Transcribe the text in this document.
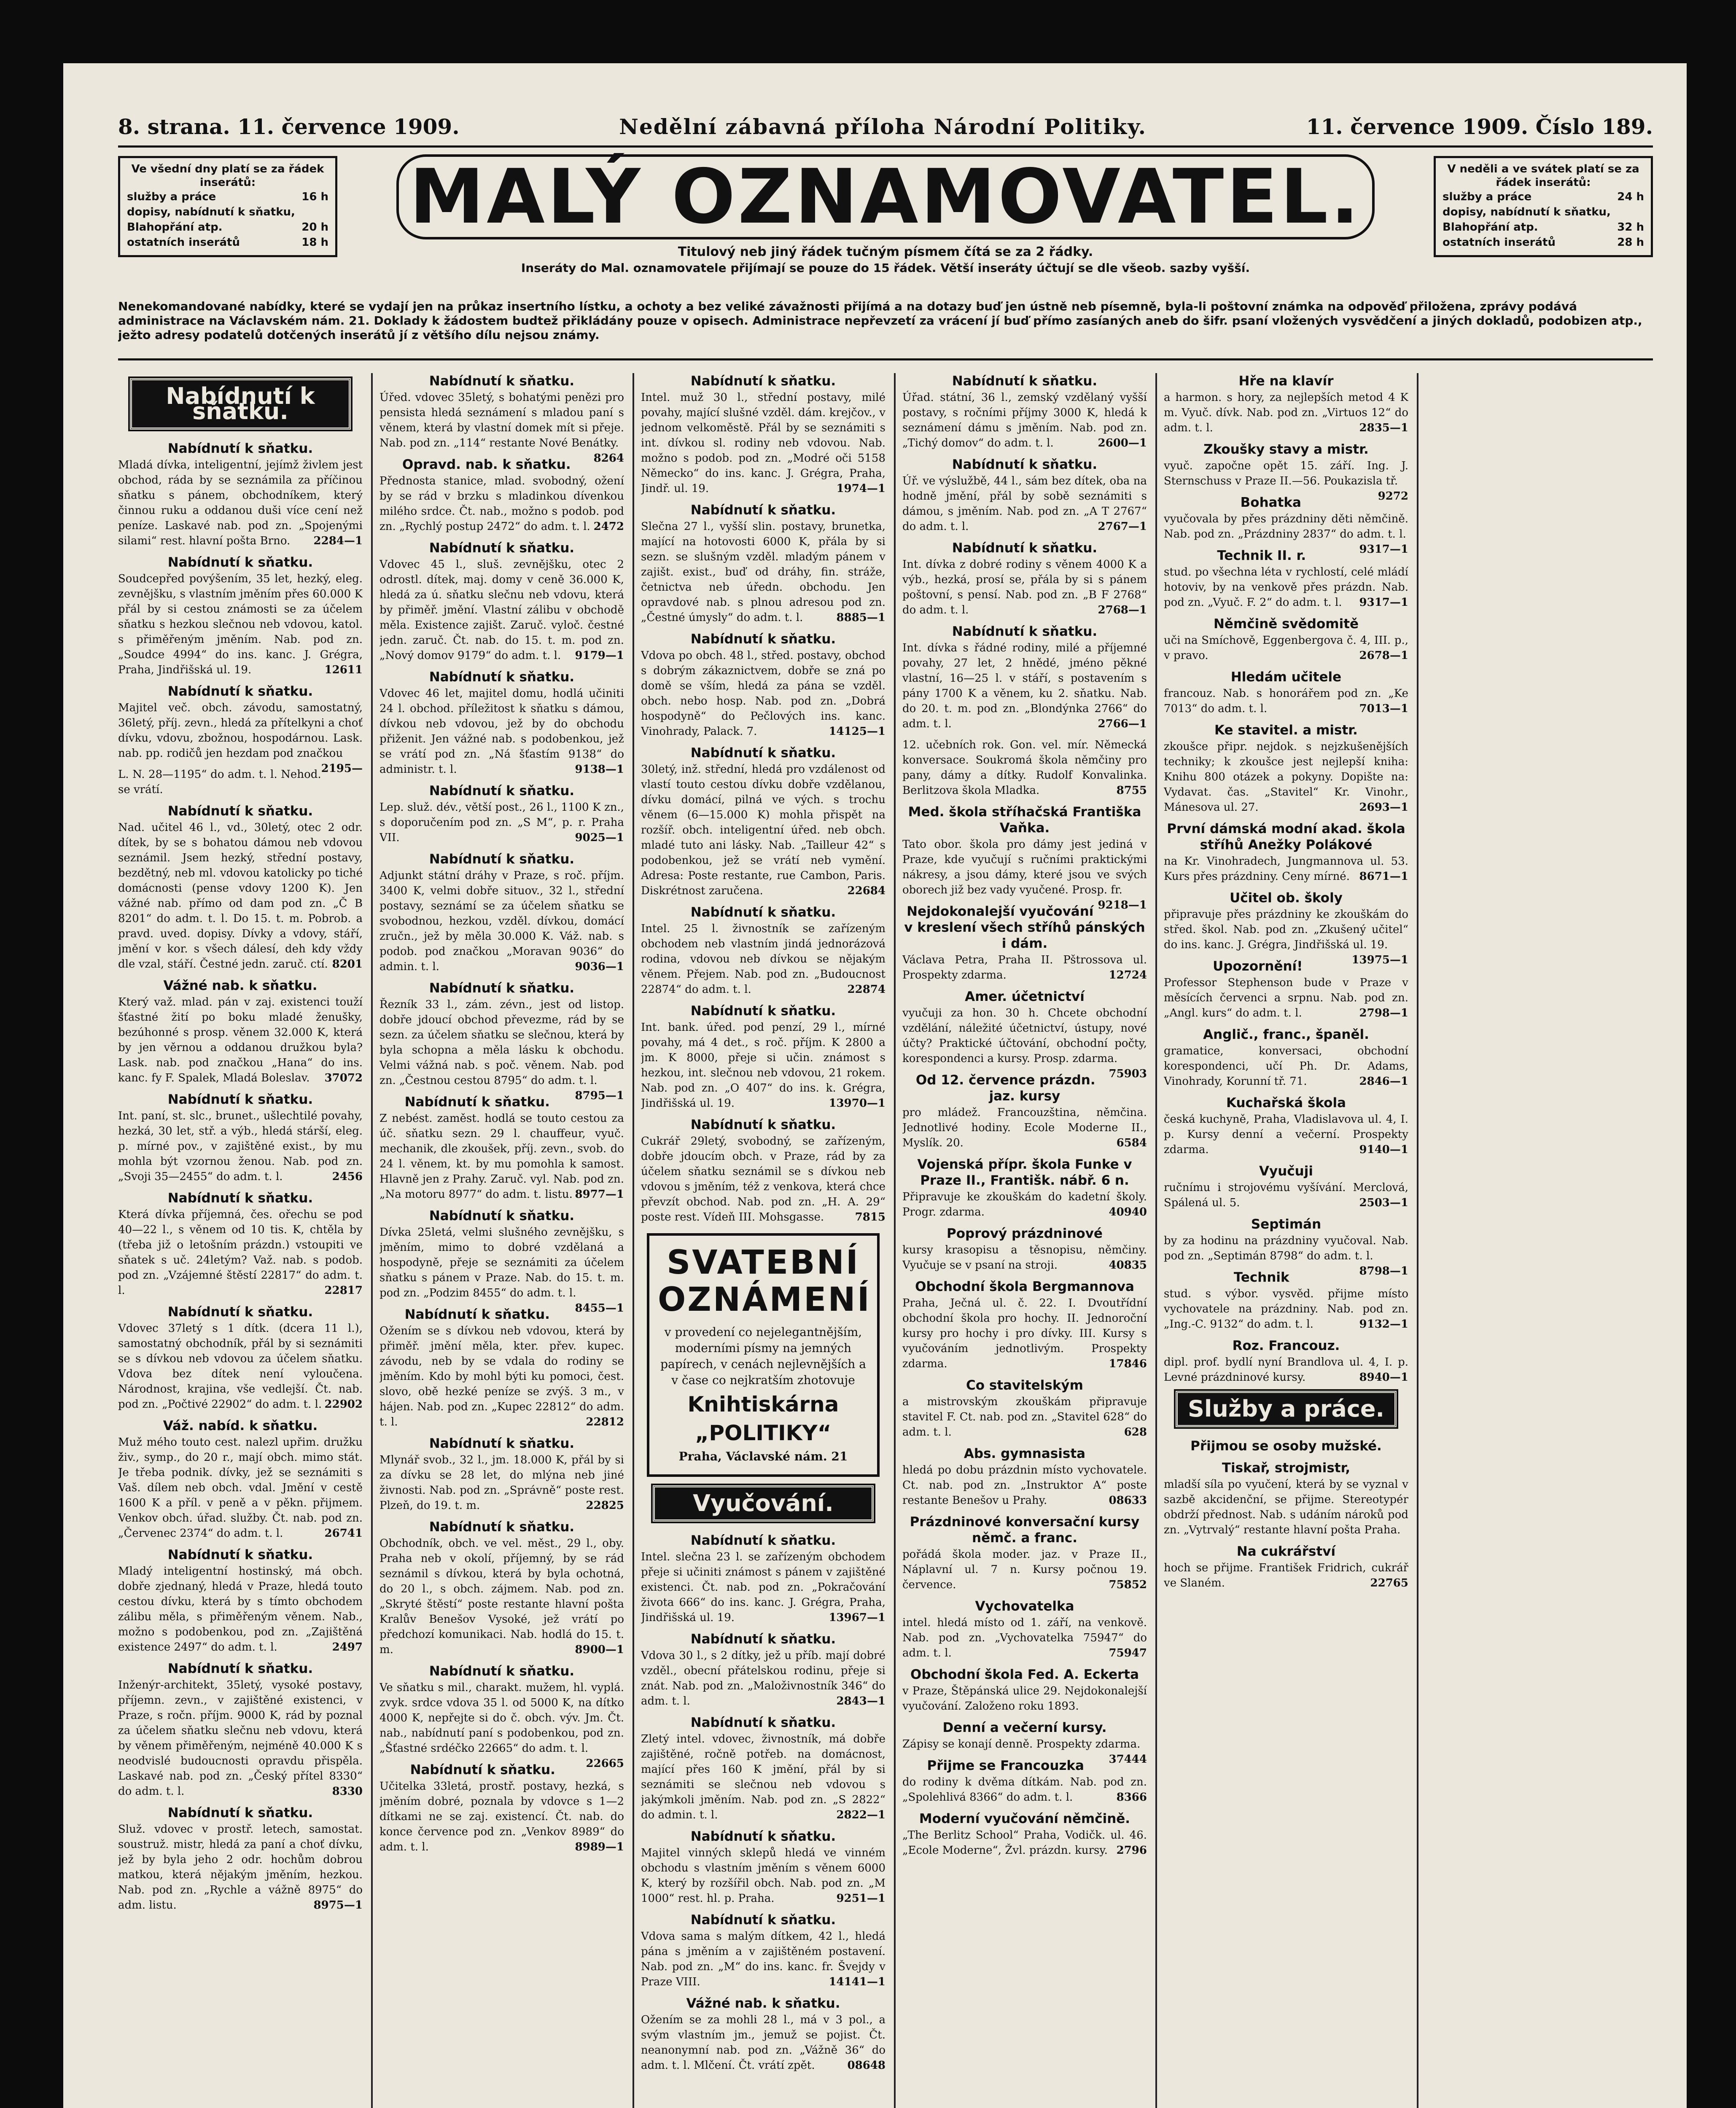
8. strana. 11. července 1909.	Nedělní zábavná příloha Národní Politiky.	11. července 1909. Číslo 189.
Ve všední dny platí se za řádek inserátů:
služby a práce	16 h
dopisy, nabídnutí k sňatku,
Blahopřání atp.	20 h
ostatních inserátů	18 h
MALÝ OZNAMOVATEL.
Titulový neb jiný řádek tučným písmem čítá se za 2 řádky.
Inseráty do Mal. oznamovatele přijímají se pouze do 15 řádek. Větší inseráty účtují se dle všeob. sazby vyšší.
V neděli a ve svátek platí se za řádek inserátů:
služby a práce	24 h
dopisy, nabídnutí k sňatku,
Blahopřání atp.	32 h
ostatních inserátů	28 h
Nenekomandované nabídky, které se vydají jen na průkaz insertního lístku, a ochoty a bez veliké závažnosti přijímá a na dotazy buď jen ústně neb písemně, byla-li poštovní známka na odpověď přiložena, zprávy podává administrace na Václavském nám. 21. Doklady k žádostem budtež přikládány pouze v opisech. Administrace nepřevzetí za vrácení jí buď přímo zasíaných aneb do šifr. psaní vložených vysvědčení a jiných dokladů, podobizen atp., ježto adresy podatelů dotčených inserátů jí z většího dílu nejsou známy.
Nabídnutí k sňatku.
Nabídnutí k sňatku.
Mladá dívka, inteligentní, jejímž živlem jest obchod, ráda by se seznámila za příčinou sňatku s pánem, obchodníkem, který činnou ruku a oddanou duši více cení než peníze. Laskavé nab. pod zn. „Spojenými silami“ rest. hlavní pošta Brno. 2284—1
Nabídnutí k sňatku.
Soudcepřed povýšením, 35 let, hezký, eleg. zevnějšku, s vlastním jměním přes 60.000 K přál by si cestou známosti se za účelem sňatku s hezkou slečnou neb vdovou, katol. s přiměřeným jměním. Nab. pod zn. „Soudce 4994“ do ins. kanc. J. Grégra, Praha, Jindřišská ul. 19.	12611
Nabídnutí k sňatku.
Majitel več. obch. závodu, samostatný, 36letý, příj. zevn., hledá za přítelkyni a choť dívku, vdovu, zbožnou, hospodárnou. Lask. nab. pp. rodičů jen hezdam pod značkou
2195—
L. N. 28—1195“ do adm. t. l. Nehod. se vrátí.
Nabídnutí k sňatku.
Nad. učitel 46 l., vd., 30letý, otec 2 odr. dítek, by se s bohatou dámou neb vdovou seznámil. Jsem hezký, střední postavy, bezdětný, neb ml. vdovou katolicky po tiché domácnosti (pense vdovy 1200 K). Jen vážné nab. přímo od dam pod zn. „Č B 8201“ do adm. t. l. Do 15. t. m. Pobrob. a pravd. uved. dopisy. Dívky a vdovy, stáří, jmění v kor. s všech dálesí, deh kdy vždy dle vzal, stáří. Čestné jedn. zaruč. ctí. 8201
Vážné nab. k sňatku.
Který važ. mlad. pán v zaj. existenci touží šťastné žití po boku mladé ženušky, bezúhonné s prosp. věnem 32.000 K, která by jen věrnou a oddanou družkou byla? Lask. nab. pod značkou „Hana“ do ins. kanc. fy F. Spalek, Mladá Boleslav. 37072
Nabídnutí k sňatku.
Int. paní, st. slc., brunet., ušlechtilé povahy, hezká, 30 let, stř. a výb., hledá stárší, eleg. p. mírné pov., v zajištěné exist., by mu mohla být vzornou ženou. Nab. pod zn. „Svoji 35—2455“ do adm. t. l.	2456
Nabídnutí k sňatku.
Která dívka příjemná, čes. ořechu se pod 40—22 l., s věnem od 10 tis. K, chtěla by (třeba již o letošním prázdn.) vstoupiti ve sňatek s uč. 24letým? Važ. nab. s podob. pod zn. „Vzájemné štěstí 22817“ do adm. t. l.	22817
Nabídnutí k sňatku.
Vdovec 37letý s 1 dítk. (dcera 11 l.), samostatný obchodník, přál by si seznámiti se s dívkou neb vdovou za účelem sňatku. Vdova bez dítek není vyloučena. Národnost, krajina, vše vedlejší. Čt. nab. pod zn. „Počtivé 22902“ do adm. t. l. 22902
Váž. nabíd. k sňatku.
Muž mého touto cest. nalezl upřim. družku živ., symp., do 20 r., mají obch. mimo stát. Je třeba podnik. dívky, jež se seznámiti s Vaš. dílem neb obch. vdal. Jmění v cestě 1600 K a příl. v peně a v pěkn. přijmem. Venkov obch. úřad. služby. Čt. nab. pod zn. „Červenec 2374“ do adm. t. l.	26741
Nabídnutí k sňatku.
Mladý inteligentní hostinský, má obch. dobře zjednaný, hledá v Praze, hledá touto cestou dívku, která by s tímto obchodem zálibu měla, s přiměřeným věnem. Nab., možno s podobenkou, pod zn. „Zajištěná existence 2497“ do adm. t. l.	2497
Nabídnutí k sňatku.
Inženýr-architekt, 35letý, vysoké postavy, příjemn. zevn., v zajištěné existenci, v Praze, s ročn. příjm. 9000 K, rád by poznal za účelem sňatku slečnu neb vdovu, která by věnem přiměřeným, nejméně 40.000 K s neodvislé budoucnosti opravdu přispěla. Laskavé nab. pod zn. „Český přítel 8330“ do adm. t. l.	8330
Nabídnutí k sňatku.
Služ. vdovec v prostř. letech, samostat. soustruž. mistr, hledá za paní a choť dívku, jež by byla jeho 2 odr. hochům dobrou matkou, která nějakým jměním, hezkou. Nab. pod zn. „Rychle a vážně 8975“ do adm. listu.	8975—1
Nabídnutí k sňatku.
Úřed. vdovec 35letý, s bohatými penězi pro pensista hledá seznámení s mladou paní s věnem, která by vlastní domek mít si přeje. Nab. pod zn. „114“ restante Nové Benátky.
8264
Opravd. nab. k sňatku.
Přednosta stanice, mlad. svobodný, ožení by se rád v brzku s mladinkou dívenkou milého srdce. Čt. nab., možno s podob. pod zn. „Rychlý postup 2472“ do adm. t. l. 2472
Nabídnutí k sňatku.
Vdovec 45 l., sluš. zevnějšku, otec 2 odrostl. dítek, maj. domy v ceně 36.000 K, hledá za ú. sňatku slečnu neb vdovu, která by přiměř. jmění. Vlastní zálibu v obchodě měla. Existence zajišt. Zaruč. vyloč. čestné jedn. zaruč. Čt. nab. do 15. t. m. pod zn. „Nový domov 9179“ do adm. t. l. 9179—1
Nabídnutí k sňatku.
Vdovec 46 let, majitel domu, hodlá učiniti 24 l. obchod. příležitost k sňatku s dámou, dívkou neb vdovou, jež by do obchodu přiženit. Jen vážné nab. s podobenkou, jež se vrátí pod zn. „Ná šťastím 9138“ do administr. t. l.	9138—1
Nabídnutí k sňatku.
Lep. služ. dév., větší post., 26 l., 1100 K zn., s doporučením pod zn. „S M“, p. r. Praha VII.	9025—1
Nabídnutí k sňatku.
Adjunkt státní dráhy v Praze, s roč. příjm. 3400 K, velmi dobře situov., 32 l., střední postavy, seznámí se za účelem sňatku se svobodnou, hezkou, vzděl. dívkou, domácí zručn., jež by měla 30.000 K. Váž. nab. s podob. pod značkou „Moravan 9036“ do admin. t. l.	9036—1
Nabídnutí k sňatku.
Řezník 33 l., zám. zévn., jest od listop. dobře jdoucí obchod převezme, rád by se sezn. za účelem sňatku se slečnou, která by byla schopna a měla lásku k obchodu. Velmi vážná nab. s poč. věnem. Nab. pod zn. „Čestnou cestou 8795“ do adm. t. l.
8795—1
Nabídnutí k sňatku.
Z nebést. zaměst. hodlá se touto cestou za úč. sňatku sezn. 29 l. chauffeur, vyuč. mechanik, dle zkoušek, příj. zevn., svob. do 24 l. věnem, kt. by mu pomohla k samost. Hlavně jen z Prahy. Zaruč. vyl. Nab. pod zn. „Na motoru 8977“ do adm. t. listu. 8977—1
Nabídnutí k sňatku.
Dívka 25letá, velmi slušného zevnějšku, s jměním, mimo to dobré vzdělaná a hospodyně, přeje se seznámiti za účelem sňatku s pánem v Praze. Nab. do 15. t. m. pod zn. „Podzim 8455“ do adm. t. l.
8455—1
Nabídnutí k sňatku.
Ožením se s dívkou neb vdovou, která by přiměř. jmění měla, kter. přev. kupec. závodu, neb by se vdala do rodiny se jměním. Kdo by mohl býti ku pomoci, čest. slovo, obě hezké peníze se zvýš. 3 m., v hájen. Nab. pod zn. „Kupec 22812“ do adm. t. l.	22812
Nabídnutí k sňatku.
Mlynář svob., 32 l., jm. 18.000 K, přál by si za dívku se 28 let, do mlýna neb jiné živnosti. Nab. pod zn. „Správně“ poste rest. Plzeň, do 19. t. m.	22825
Nabídnutí k sňatku.
Obchodník, obch. ve vel. měst., 29 l., oby. Praha neb v okolí, příjemný, by se rád seznámil s dívkou, která by byla ochotná, do 20 l., s obch. zájmem. Nab. pod zn. „Skryté štěstí“ poste restante hlavní pošta Kralův Benešov Vysoké, jež vrátí po předchozí komunikaci. Nab. hodlá do 15. t. m.	8900—1
Nabídnutí k sňatku.
Ve sňatku s mil., charakt. mužem, hl. vyplá. zvyk. srdce vdova 35 l. od 5000 K, na dítko 4000 K, nepřejte si do č. obch. výv. Jm. Čt. nab., nabídnutí paní s podobenkou, pod zn. „Šťastné srdéčko 22665“ do adm. t. l.
22665
Nabídnutí k sňatku.
Učitelka 33letá, prostř. postavy, hezká, s jměním dobré, poznala by vdovce s 1—2 dítkami ne se zaj. existencí. Čt. nab. do konce července pod zn. „Venkov 8989“ do adm. t. l.	8989—1
Nabídnutí k sňatku.
Intel. muž 30 l., střední postavy, milé povahy, mající slušné vzděl. dám. krejčov., v jednom velkoměstě. Přál by se seznámiti s int. dívkou sl. rodiny neb vdovou. Nab. možno s podob. pod zn. „Modré oči 5158 Německo“ do ins. kanc. J. Grégra, Praha, Jindř. ul. 19.	1974—1
Nabídnutí k sňatku.
Slečna 27 l., vyšší slin. postavy, brunetka, mající na hotovosti 6000 K, přála by si sezn. se slušným vzděl. mladým pánem v zajišt. exist., buď od dráhy, fin. stráže, četnictva neb úředn. obchodu. Jen opravdové nab. s plnou adresou pod zn. „Čestné úmysly“ do adm. t. l.	8885—1
Nabídnutí k sňatku.
Vdova po obch. 48 l., střed. postavy, obchod s dobrým zákaznictvem, dobře se zná po domě se vším, hledá za pána se vzděl. obch. nebo hosp. Nab. pod zn. „Dobrá hospodyně“ do Pečlových ins. kanc. Vinohrady, Palack. 7.	14125—1
Nabídnutí k sňatku.
30letý, inž. střední, hledá pro vzdálenost od vlastí touto cestou dívku dobře vzdělanou, dívku domácí, pilná ve vých. s trochu věnem (6—15.000 K) mohla přispět na rozšíř. obch. inteligentní úřed. neb obch. mladé tuto ani lásky. Nab. „Tailleur 42“ s podobenkou, jež se vrátí neb vymění. Adresa: Poste restante, rue Cambon, Paris. Diskrétnost zaručena.	22684
Nabídnutí k sňatku.
Intel. 25 l. živnostník se zařízeným obchodem neb vlastním jindá jednorázová rodina, vdovou neb dívkou se nějakým věnem. Přejem. Nab. pod zn. „Budoucnost 22874“ do adm. t. l.	22874
Nabídnutí k sňatku.
Int. bank. úřed. pod penzí, 29 l., mírné povahy, má 4 det., s roč. příjm. K 2800 a jm. K 8000, přeje si učin. známost s hezkou, int. slečnou neb vdovou, 21 rokem. Nab. pod zn. „O 407“ do ins. k. Grégra, Jindřišská ul. 19.	13970—1
Nabídnutí k sňatku.
Cukrář 29letý, svobodný, se zařízeným, dobře jdoucím obch. v Praze, rád by za účelem sňatku seznámil se s dívkou neb vdovou s jměním, též z venkova, která chce převzít obchod. Nab. pod zn. „H. A. 29“ poste rest. Vídeň III. Mohsgasse.	7815
SVATEBNÍ
OZNÁMENÍ
v provedení co nejelegantnějším, moderními písmy na jemných papírech, v cenách nejlevnějších a v čase co nejkratším zhotovuje
Knihtiskárna
„POLITIKY“
Praha, Václavské nám. 21
Vyučování.
Nabídnutí k sňatku.
Intel. slečna 23 l. se zařízeným obchodem přeje si učiniti známost s pánem v zajištěné existenci. Čt. nab. pod zn. „Pokračování života 666“ do ins. kanc. J. Grégra, Praha, Jindřišská ul. 19.	13967—1
Nabídnutí k sňatku.
Vdova 30 l., s 2 dítky, jež u příb. mají dobré vzděl., obecní přátelskou rodinu, přeje si znát. Nab. pod zn. „Maloživnostník 346“ do adm. t. l.	2843—1
Nabídnutí k sňatku.
Zletý intel. vdovec, živnostník, má dobře zajištěné, ročně potřeb. na domácnost, mající přes 160 K jmění, přál by si seznámiti se slečnou neb vdovou s jakýmkoli jměním. Nab. pod zn. „S 2822“ do admin. t. l.	2822—1
Nabídnutí k sňatku.
Majitel vinných sklepů hledá ve vinném obchodu s vlastním jměním s věnem 6000 K, který by rozšířil obch. Nab. pod zn. „M 1000“ rest. hl. p. Praha.	9251—1
Nabídnutí k sňatku.
Vdova sama s malým dítkem, 42 l., hledá pána s jměním a v zajištěném postavení. Nab. pod zn. „M“ do ins. kanc. fr. Švejdy v Praze VIII.	14141—1
Vážné nab. k sňatku.
Ožením se za mohli 28 l., má v 3 pol., a svým vlastním jm., jemuž se pojist. Čt. neanonymní nab. pod zn. „Vážně 36“ do adm. t. l. Mlčení. Čt. vrátí zpět.	08648
Nabídnutí k sňatku.
Úřad. státní, 36 l., zemský vzdělaný vyšší postavy, s ročními příjmy 3000 K, hledá k seznámení dámu s jměním. Nab. pod zn. „Tichý domov“ do adm. t. l.	2600—1
Nabídnutí k sňatku.
Úř. ve výslužbě, 44 l., sám bez dítek, oba na hodně jmění, přál by sobě seznámiti s dámou, s jměním. Nab. pod zn. „A T 2767“ do adm. t. l.	2767—1
Nabídnutí k sňatku.
Int. dívka z dobré rodiny s věnem 4000 K a výb., hezká, prosí se, přála by si s pánem poštovní, s pensí. Nab. pod zn. „B F 2768“ do adm. t. l.	2768—1
Nabídnutí k sňatku.
Int. dívka s řádné rodiny, milé a příjemné povahy, 27 let, 2 hnědé, jméno pěkné vlastní, 16—25 l. v stáří, s postavením s pány 1700 K a věnem, ku 2. sňatku. Nab. do 20. t. m. pod zn. „Blondýnka 2766“ do adm. t. l.	2766—1
12. učebních rok. Gon. vel. mír. Německá konversace. Soukromá škola němčiny pro pany, dámy a dítky. Rudolf Konvalinka. Berlitzova škola Mladka.	8755
Med. škola stříhačská Františka Vaňka.
Tato obor. škola pro dámy jest jediná v Praze, kde vyučují s ručními praktickými nákresy, a jsou dámy, které jsou ve svých oborech již bez vady vyučené. Prosp. fr.
9218—1
Nejdokonalejší vyučování v kreslení všech stříhů pánských i dám.
Václava Petra, Praha II. Pštrossova ul. Prospekty zdarma.	12724
Amer. účetnictví
vyučuji za hon. 30 h. Chcete obchodní vzdělání, náležité účetnictví, ústupy, nové účty? Praktické účtování, obchodní počty, korespondenci a kursy. Prosp. zdarma.
75903
Od 12. července prázdn. jaz. kursy
pro mládež. Francouzština, němčina. Jednotlivé hodiny. Ecole Moderne II., Myslík. 20.	6584
Vojenská přípr. škola Funke v Praze II., Františk. nábř. 6 n.
Připravuje ke zkouškám do kadetní školy. Progr. zdarma.	40940
Poprový prázdninové
kursy krasopisu a těsnopisu, němčiny. Vyučuje se v psaní na stroji.	40835
Obchodní škola Bergmannova
Praha, Ječná ul. č. 22. I. Dvoutřídní obchodní škola pro hochy. II. Jednoroční kursy pro hochy i pro dívky. III. Kursy s vyučováním jednotlivým. Prospekty zdarma.	17846
Co stavitelským
a mistrovským zkouškám připravuje stavitel F. Ct. nab. pod zn. „Stavitel 628“ do adm. t. l.	628
Abs. gymnasista
hledá po dobu prázdnin místo vychovatele. Ct. nab. pod zn. „Instruktor A“ poste restante Benešov u Prahy.	08633
Prázdninové konversační kursy němč. a franc.
pořádá škola moder. jaz. v Praze II., Náplavní ul. 7 n. Kursy počnou 19. července.	75852
Vychovatelka
intel. hledá místo od 1. září, na venkově. Nab. pod zn. „Vychovatelka 75947“ do adm. t. l.	75947
Obchodní škola Fed. A. Eckerta
v Praze, Štěpánská ulice 29. Nejdokonalejší vyučování. Založeno roku 1893.
Denní a večerní kursy.
Zápisy se konají denně. Prospekty zdarma.
37444
Přijme se Francouzka
do rodiny k dvěma dítkám. Nab. pod zn. „Spolehlivá 8366“ do adm. t. l.	8366
Moderní vyučování němčině.
„The Berlitz School“ Praha, Vodičk. ul. 46. „Ecole Moderne“, Žvl. prázdn. kursy. 2796
Hře na klavír
a harmon. s hory, za nejlepších metod 4 K m. Vyuč. dívk. Nab. pod zn. „Virtuos 12“ do adm. t. l.	2835—1
Zkoušky stavy a mistr.
vyuč. započne opět 15. září. Ing. J. Sternschuss v Praze II.—56. Poukazisla tř.
9272
Bohatka
vyučovala by přes prázdniny děti němčině. Nab. pod zn. „Prázdniny 2837“ do adm. t. l.
9317—1
Technik II. r.
stud. po všechna léta v rychlostí, celé mládí hotoviv, by na venkově přes prázdn. Nab. pod zn. „Vyuč. F. 2“ do adm. t. l. 9317—1
Němčině svědomitě
uči na Smíchově, Eggenbergova č. 4, III. p., v pravo.	2678—1
Hledám učitele
francouz. Nab. s honorářem pod zn. „Ke 7013“ do adm. t. l.	7013—1
Ke stavitel. a mistr.
zkoušce připr. nejdok. s nejzkušenějších techniky; k zkoušce jest nejlepší kniha: Knihu 800 otázek a pokyny. Dopište na: Vydavat. čas. „Stavitel“ Kr. Vinohr., Mánesova ul. 27.	2693—1
První dámská modní akad. škola stříhů Anežky Polákové
na Kr. Vinohradech, Jungmannova ul. 53. Kurs přes prázdniny. Ceny mírné. 8671—1
Učitel ob. školy
připravuje přes prázdniny ke zkouškám do střed. škol. Nab. pod zn. „Zkušený učitel“ do ins. kanc. J. Grégra, Jindřišská ul. 19.
13975—1
Upozornění!
Professor Stephenson bude v Praze v měsících červenci a srpnu. Nab. pod zn. „Angl. kurs“ do adm. t. l.	2798—1
Anglič., franc., španěl.
gramatice, konversaci, obchodní korespondenci, učí Ph. Dr. Adams, Vinohrady, Korunní tř. 71.	2846—1
Kuchařská škola
česká kuchyně, Praha, Vladislavova ul. 4, I. p. Kursy denní a večerní. Prospekty zdarma.	9140—1
Vyučuji
ručnímu i strojovému vyšívání. Merclová, Spálená ul. 5.	2503—1
Septimán
by za hodinu na prázdniny vyučoval. Nab. pod zn. „Septimán 8798“ do adm. t. l.
8798—1
Technik
stud. s výbor. vysvěd. přijme místo vychovatele na prázdniny. Nab. pod zn. „Ing.-C. 9132“ do adm. t. l.	9132—1
Roz. Francouz.
dipl. prof. bydlí nyní Brandlova ul. 4, I. p. Levné prázdninové kursy.	8940—1
Služby a práce.
Přijmou se osoby mužské.
Tiskař, strojmistr,
mladší síla po vyučení, která by se vyznal v sazbě akcidenční, se přijme. Stereotypér obdrží přednost. Nab. s udáním nároků pod zn. „Vytrvalý“ restante hlavní pošta Praha.
Na cukrářství
hoch se přijme. František Fridrich, cukrář ve Slaném.	22765
